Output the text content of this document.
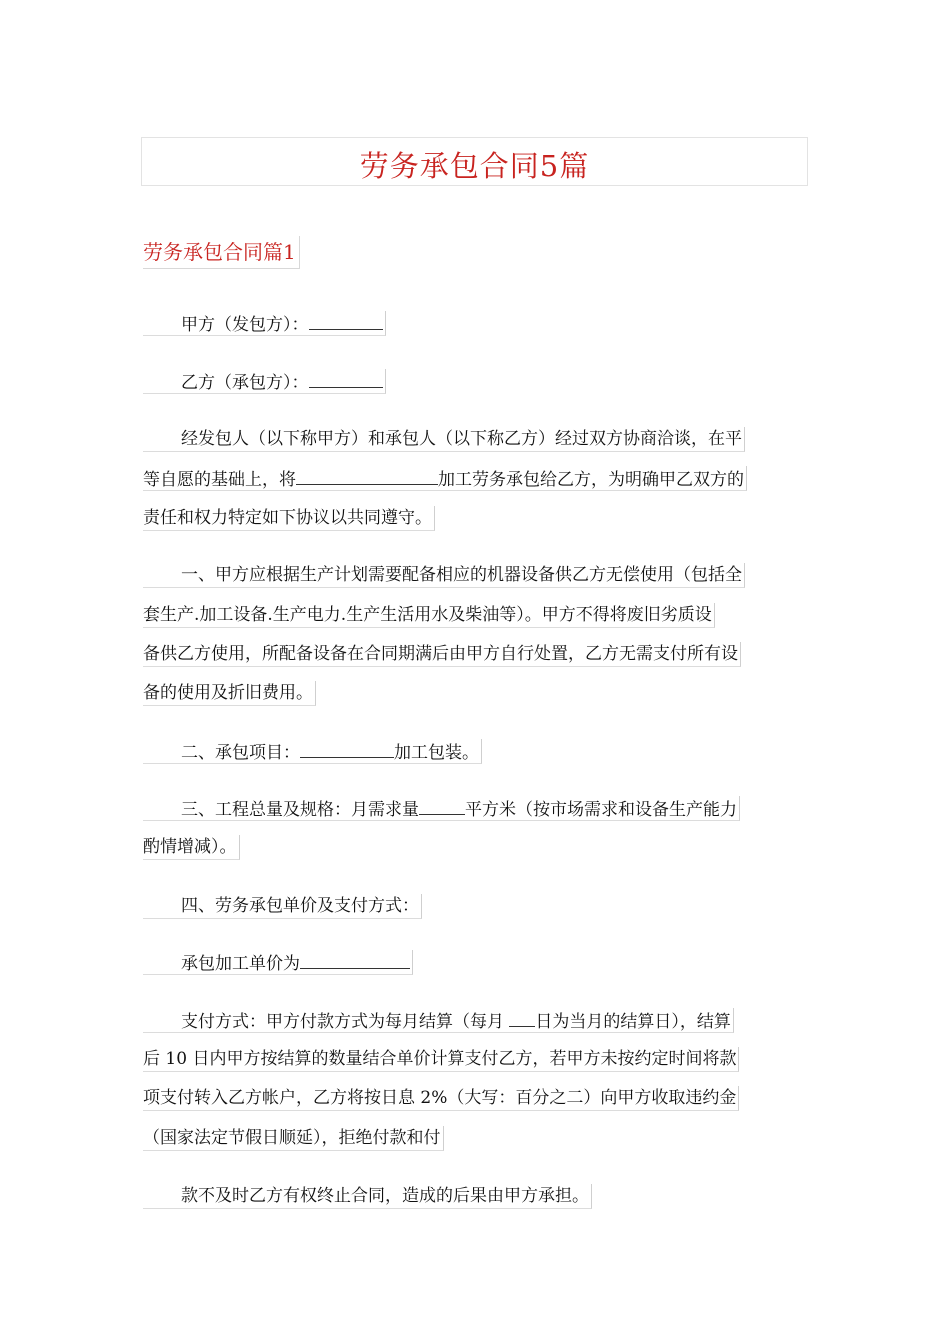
劳务承包合同5篇
劳务承包合同篇1
甲方（发包方）：
乙方（承包方）：
经发包人（以下称甲方）和承包人（以下称乙方）经过双方协商洽谈，在平
等自愿的基础上，将	加工劳务承包给乙方，为明确甲乙双方的
责任和权力特定如下协议以共同遵守。
一、甲方应根据生产计划需要配备相应的机器设备供乙方无偿使用（包括全
套生产.加工设备.生产电力.生产生活用水及柴油等）。甲方不得将废旧劣质设
备供乙方使用，所配备设备在合同期满后由甲方自行处置，乙方无需支付所有设
备的使用及折旧费用。
二、承包项目：	加工包装。
三、工程总量及规格：月需求量	平方米（按市场需求和设备生产能力
酌情增减）。
四、劳务承包单价及支付方式：
承包加工单价为
支付方式：甲方付款方式为每月结算（每月 日为当月的结算日），结算
后 10 日内甲方按结算的数量结合单价计算支付乙方，若甲方未按约定时间将款
项支付转入乙方帐户，乙方将按日息 2%（大写：百分之二）向甲方收取违约金
（国家法定节假日顺延），拒绝付款和付
款不及时乙方有权终止合同，造成的后果由甲方承担。
